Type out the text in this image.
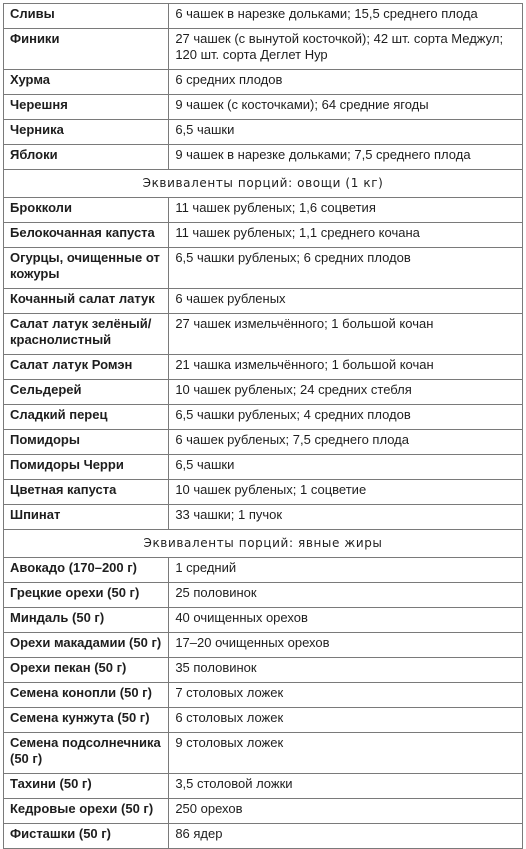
Сливы	6 чашек в нарезке дольками; 15,5 среднего плода
Финики	27 чашек (с вынутой косточкой); 42 шт. сорта Меджул; 120 шт. сорта Деглет Нур
Хурма	6 средних плодов
Черешня	9 чашек (с косточками); 64 средние ягоды
Черника	6,5 чашки
Яблоки	9 чашек в нарезке дольками; 7,5 среднего плода
Эквиваленты порций: овощи (1 кг)	
Брокколи	11 чашек рубленых; 1,6 соцветия
Белокочанная капуста	11 чашек рубленых; 1,1 среднего кочана
Огурцы, очищенные от кожуры	6,5 чашки рубленых; 6 средних плодов
Кочанный салат латук	6 чашек рубленых
Салат латук зелёный/ краснолистный	27 чашек измельчённого; 1 большой кочан
Салат латук Ромэн	21 чашка измельчённого; 1 большой кочан
Сельдерей	10 чашек рубленых; 24 средних стебля
Сладкий перец	6,5 чашки рубленых; 4 средних плодов
Помидоры	6 чашек рубленых; 7,5 среднего плода
Помидоры Черри	6,5 чашки
Цветная капуста	10 чашек рубленых; 1 соцветие
Шпинат	33 чашки; 1 пучок
Эквиваленты порций: явные жиры	
Авокадо (170–200 г)	1 средний
Грецкие орехи (50 г)	25 половинок
Миндаль (50 г)	40 очищенных орехов
Орехи макадамии (50 г)	17–20 очищенных орехов
Орехи пекан (50 г)	35 половинок
Семена конопли (50 г)	7 столовых ложек
Семена кунжута (50 г)	6 столовых ложек
Семена подсолнечника (50 г)	9 столовых ложек
Тахини (50 г)	3,5 столовой ложки
Кедровые орехи (50 г)	250 орехов
Фисташки (50 г)	86 ядер
